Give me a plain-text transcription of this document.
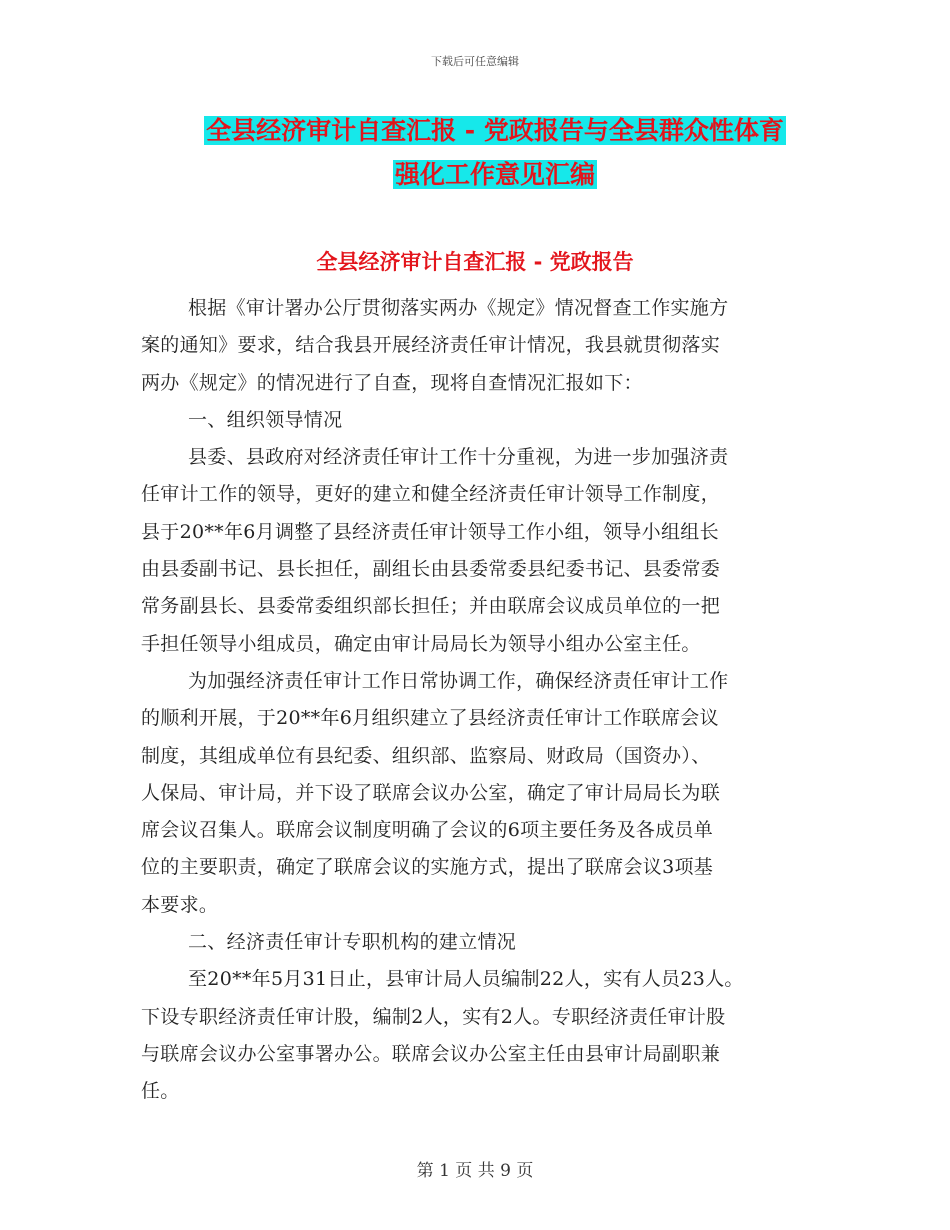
下载后可任意编辑
全县经济审计自查汇报 - 党政报告与全县群众性体育
强化工作意见汇编
全县经济审计自查汇报 - 党政报告

根据《审计署办公厅贯彻落实两办《规定》情况督查工作实施方
案的通知》要求，结合我县开展经济责任审计情况，我县就贯彻落实
两办《规定》的情况进行了自查，现将自查情况汇报如下：

一、组织领导情况

县委、县政府对经济责任审计工作十分重视，为进一步加强济责
任审计工作的领导，更好的建立和健全经济责任审计领导工作制度，
县于20**年6月调整了县经济责任审计领导工作小组，领导小组组长
由县委副书记、县长担任，副组长由县委常委县纪委书记、县委常委
常务副县长、县委常委组织部长担任；并由联席会议成员单位的一把
手担任领导小组成员，确定由审计局局长为领导小组办公室主任。

为加强经济责任审计工作日常协调工作，确保经济责任审计工作
的顺利开展，于20**年6月组织建立了县经济责任审计工作联席会议
制度，其组成单位有县纪委、组织部、监察局、财政局（国资办）、
人保局、审计局，并下设了联席会议办公室，确定了审计局局长为联
席会议召集人。联席会议制度明确了会议的6项主要任务及各成员单
位的主要职责，确定了联席会议的实施方式，提出了联席会议3项基
本要求。

二、经济责任审计专职机构的建立情况

至20**年5月31日止，县审计局人员编制22人，实有人员23人。
下设专职经济责任审计股，编制2人，实有2人。专职经济责任审计股
与联席会议办公室事署办公。联席会议办公室主任由县审计局副职兼
任。

第 1 页 共 9 页
